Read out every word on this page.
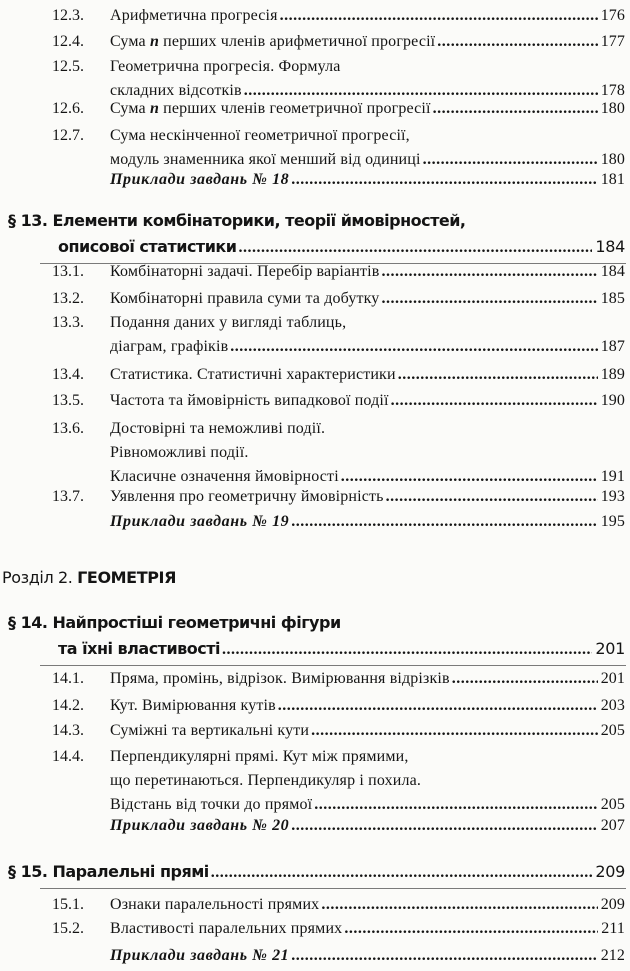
12.3. Арифметична прогресія .....	176
12.4. Сума n перших членів арифметичної прогресії .....	177
12.5. Геометрична прогресія. Формула
складних відсотків .....	178
12.6. Сума n перших членів геометричної прогресії .....	180
12.7. Сума нескінченної геометричної прогресії,
модуль знаменника якої менший від одиниці .....	180
Приклади завдань № 18 .....	181
§ 13. Елементи комбінаторики, теорії ймовірностей,
описової статистики .....	184
13.1. Комбінаторні задачі. Перебір варіантів .....	184
13.2. Комбінаторні правила суми та добутку .....	185
13.3. Подання даних у вигляді таблиць,
діаграм, графіків .....	187
13.4. Статистика. Статистичні характеристики .....	189
13.5. Частота та ймовірність випадкової події .....	190
13.6. Достовірні та неможливі події.
Рівноможливі події.
Класичне означення ймовірності .....	191
13.7. Уявлення про геометричну ймовірність .....	193
Приклади завдань № 19 .....	195
§ 14. Найпростіші геометричні фігури
та їхні властивості .....	201
14.1. Пряма, промінь, відрізок. Вимірювання відрізків .....	201
14.2. Кут. Вимірювання кутів .....	203
14.3. Суміжні та вертикальні кути .....	205
14.4. Перпендикулярні прямі. Кут між прямими,
що перетинаються. Перпендикуляр і похила.
Відстань від точки до прямої .....	205
Приклади завдань № 20 .....	207
§ 15. Паралельні прямі .....	209
15.1. Ознаки паралельності прямих .....	209
15.2. Властивості паралельних прямих .....	211
Приклади завдань № 21 .....	212
Розділ 2. ГЕОМЕТРІЯ
